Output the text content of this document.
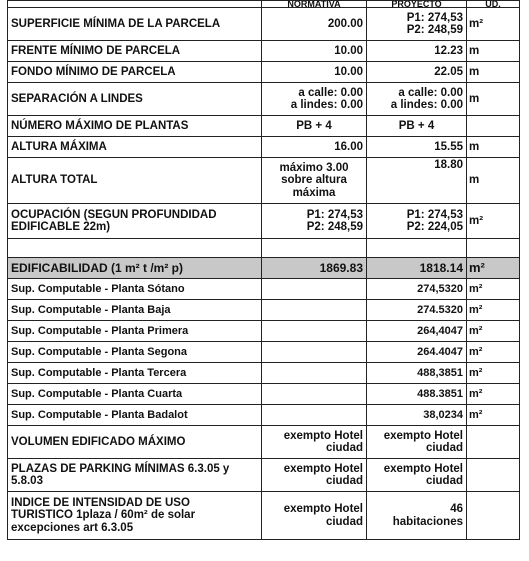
	NORMATIVA	PROYECTO	UD.
SUPERFICIE MÍNIMA DE LA PARCELA	200.00	P1: 274,53
P2: 248,59	m²
FRENTE MÍNIMO DE PARCELA	10.00	12.23	m
FONDO MÍNIMO DE PARCELA	10.00	22.05	m
SEPARACIÓN A LINDES	a calle: 0.00
a lindes: 0.00	a calle: 0.00
a lindes: 0.00	m
NÚMERO MÁXIMO DE PLANTAS	PB + 4	PB + 4	
ALTURA MÁXIMA	16.00	15.55	m
ALTURA TOTAL	máximo 3.00
sobre altura
máxima	18.80	m

OCUPACIÓN (SEGUN PROFUNDIDAD
EDIFICABLE 22m)	P1: 274,53
P2: 248,59	P1: 274,53
P2: 224,05	m²

EDIFICABILIDAD (1 m² t /m² p)	1869.83	1818.14	m²
Sup. Computable - Planta Sótano		274,5320	m²
Sup. Computable - Planta Baja		274.5320	m²
Sup. Computable - Planta Primera		264,4047	m²
Sup. Computable - Planta Segona		264.4047	m²
Sup. Computable - Planta Tercera		488,3851	m²
Sup. Computable - Planta Cuarta		488.3851	m²
Sup. Computable - Planta Badalot		38,0234	m²
VOLUMEN EDIFICADO MÁXIMO	exempto Hotel
ciudad	exempto Hotel
ciudad	

PLAZAS DE PARKING MÍNIMAS 6.3.05 y
5.8.03	exempto Hotel
ciudad	exempto Hotel
ciudad	

INDICE DE INTENSIDAD DE USO
TURISTICO 1plaza / 60m² de solar
excepciones art 6.3.05	exempto Hotel
ciudad	46
habitaciones	
